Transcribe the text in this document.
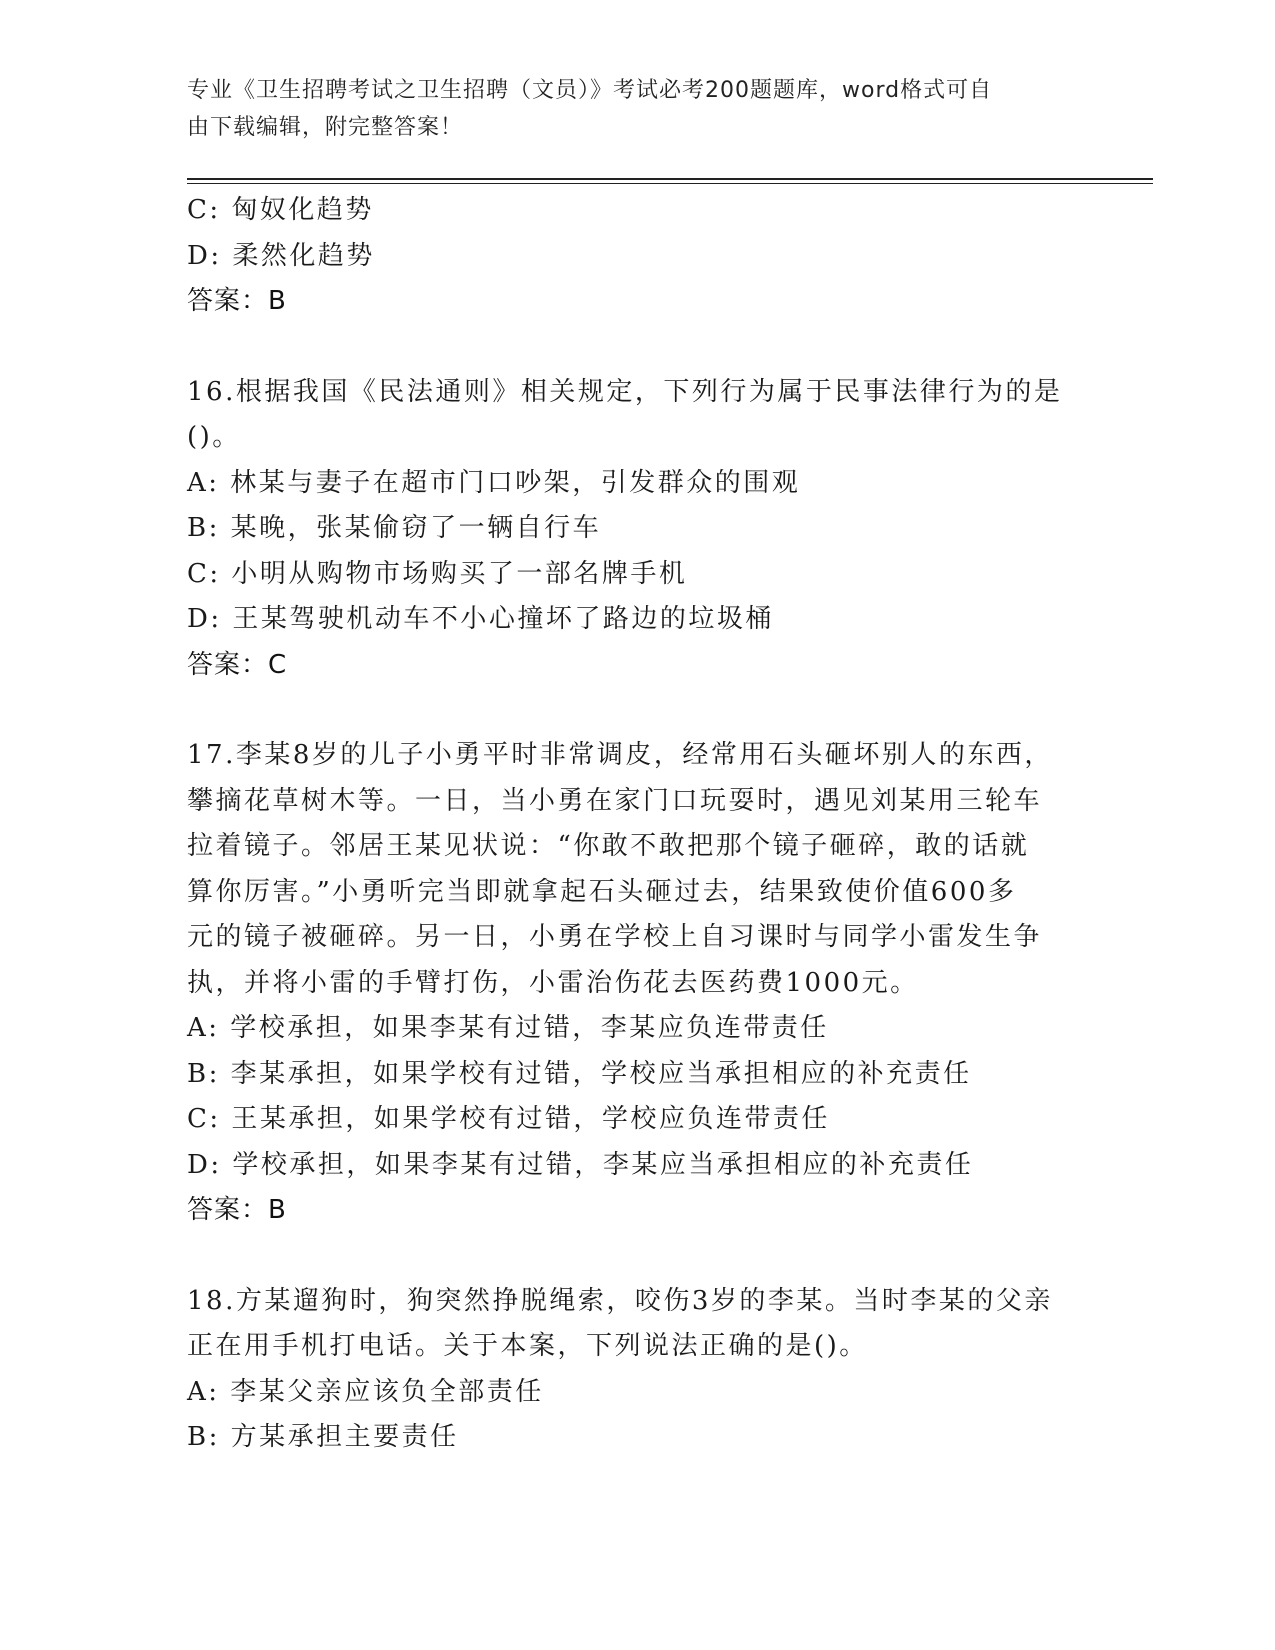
专业《卫生招聘考试之卫生招聘（文员）》考试必考200题题库，word格式可自
由下载编辑，附完整答案！
C: 匈奴化趋势
D: 柔然化趋势
答案：B
16.根据我国《民法通则》相关规定，下列行为属于民事法律行为的是
()。
A: 林某与妻子在超市门口吵架，引发群众的围观
B: 某晚，张某偷窃了一辆自行车
C: 小明从购物市场购买了一部名牌手机
D: 王某驾驶机动车不小心撞坏了路边的垃圾桶
答案：C
17.李某8岁的儿子小勇平时非常调皮，经常用石头砸坏别人的东西，
攀摘花草树木等。一日，当小勇在家门口玩耍时，遇见刘某用三轮车
拉着镜子。邻居王某见状说：“你敢不敢把那个镜子砸碎，敢的话就
算你厉害。”小勇听完当即就拿起石头砸过去，结果致使价值600多
元的镜子被砸碎。另一日，小勇在学校上自习课时与同学小雷发生争
执，并将小雷的手臂打伤，小雷治伤花去医药费1000元。
A: 学校承担，如果李某有过错，李某应负连带责任
B: 李某承担，如果学校有过错，学校应当承担相应的补充责任
C: 王某承担，如果学校有过错，学校应负连带责任
D: 学校承担，如果李某有过错，李某应当承担相应的补充责任
答案：B
18.方某遛狗时，狗突然挣脱绳索，咬伤3岁的李某。当时李某的父亲
正在用手机打电话。关于本案，下列说法正确的是()。
A: 李某父亲应该负全部责任
B: 方某承担主要责任
